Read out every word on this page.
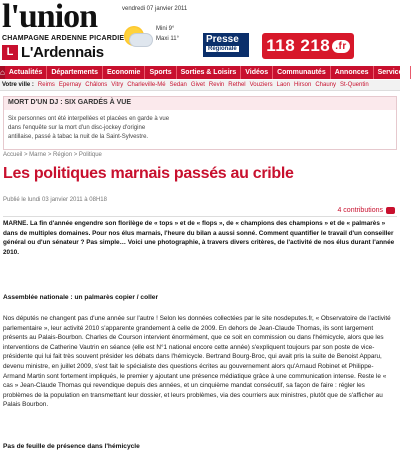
l'union
CHAMPAGNE ARDENNE PICARDIE
L L'Ardennais
vendredi 07 janvier 2011
Mini 9°
Maxi 11°	Presse
Régionale 118 218 .fr
⌂ Actualités	Départements	Economie	Sports	Sorties & Loisirs	Vidéos	Communautés	Annonces	Services
Votre ville : Reims Epernay Châlons Vitry Charleville-Mé Sedan Givet Revin Rethel Vouziers Laon Hirson Chauny St-Quentin
MORT D'UN DJ : SIX GARDÉS À VUE
Six personnes ont été interpellées et placées en garde à vue dans l'enquête sur la mort d'un disc-jockey d'origine antillaise, passé à tabac la nuit de la Saint-Sylvestre.
Accueil > Marne > Région > Politique
Les politiques marnais passés au crible
Publié le lundi 03 janvier 2011 à 08H18
4 contributions

MARNE. La fin d'année engendre son florilège de « tops » et de « flops », de « champions des champions » et de « palmarès » dans de multiples domaines. Pour nos élus marnais, l'heure du bilan a aussi sonné. Comment quantifier le travail d'un conseiller général ou d'un sénateur ? Pas simple… Voici une photographie, à travers divers critères, de l'activité de nos élus durant l'année 2010.

Assemblée nationale : un palmarès copier / coller

Nos députés ne changent pas d'une année sur l'autre ! Selon les données collectées par le site nosdeputes.fr, « Observatoire de l'activité parlementaire », leur activité 2010 s'apparente grandement à celle de 2009. En dehors de Jean-Claude Thomas, ils sont largement présents au Palais-Bourbon. Charles de Courson intervient énormément, que ce soit en commission ou dans l'hémicycle, alors que les interventions de Catherine Vautrin en séance (elle est N°1 national encore cette année) s'expliquent toujours par son poste de vice-présidente qui lui fait très souvent présider les débats dans l'hémicycle. Bertrand Bourg-Broc, qui avait pris la suite de Benoist Apparu, devenu ministre, en juillet 2009, s'est fait le spécialiste des questions écrites au gouvernement alors qu'Arnaud Robinet et Philippe-Armand Martin sont fortement impliqués, le premier y ajoutant une présence médiatique grâce à une communication intense. Reste le « cas » Jean-Claude Thomas qui revendique depuis des années, et un cinquième mandat consécutif, sa façon de faire : régler les problèmes de la population en transmettant leur dossier, et leurs problèmes, via des courriers aux ministres, plutôt que de s'afficher au Palais Bourbon.

Pas de feuille de présence dans l'hémicycle
